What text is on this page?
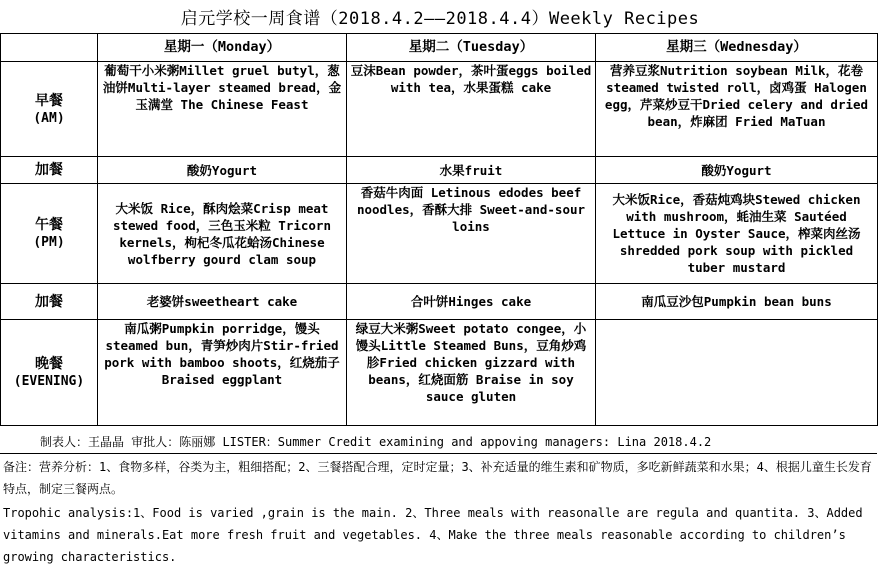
启元学校一周食谱（2018.4.2——2018.4.4）Weekly Recipes
	星期一（Monday）	星期二（Tuesday）	星期三（Wednesday）
早餐
(AM)	葡萄干小米粥Millet gruel butyl，葱油饼Multi-layer steamed bread，金玉满堂 The Chinese Feast	豆沫Bean powder，茶叶蛋eggs boiled with tea，水果蛋糕 cake	营养豆浆Nutrition soybean Milk，花卷steamed twisted roll，卤鸡蛋 Halogen egg，芹菜炒豆干Dried celery and dried bean，炸麻团 Fried MaTuan
加餐	酸奶Yogurt	水果fruit	酸奶Yogurt
午餐
(PM)	大米饭 Rice，酥肉烩菜Crisp meat stewed food，三色玉米粒 Tricorn kernels，枸杞冬瓜花蛤汤Chinese wolfberry gourd clam soup	香菇牛肉面 Letinous edodes beef noodles，香酥大排 Sweet-and-sour loins	大米饭Rice，香菇炖鸡块Stewed chicken with mushroom，蚝油生菜 Sautéed Lettuce in Oyster Sauce，榨菜肉丝汤shredded pork soup with pickled tuber mustard
加餐	老婆饼sweetheart cake	合叶饼Hinges cake	南瓜豆沙包Pumpkin bean buns
晚餐
(EVENING)	南瓜粥Pumpkin porridge，馒头steamed bun，青笋炒肉片Stir-fried pork with bamboo shoots，红烧茄子Braised eggplant	绿豆大米粥Sweet potato congee，小馒头Little Steamed Buns，豆角炒鸡胗Fried chicken gizzard with beans，红烧面筋 Braise in soy sauce gluten	
制表人：王晶晶 审批人：陈丽娜 LISTER：Summer Credit examining and appoving managers: Lina 2018.4.2
备注：营养分析：1、食物多样，谷类为主，粗细搭配；2、三餐搭配合理，定时定量；3、补充适量的维生素和矿物质，多吃新鲜蔬菜和水果；4、根据儿童生长发育特点，制定三餐两点。
Tropohic analysis:1、Food is varied ,grain is the main. 2、Three meals with reasonalle are regula and quantita. 3、Added vitamins and minerals.Eat more fresh fruit and vegetables. 4、Make the three meals reasonable according to children’s growing characteristics.
